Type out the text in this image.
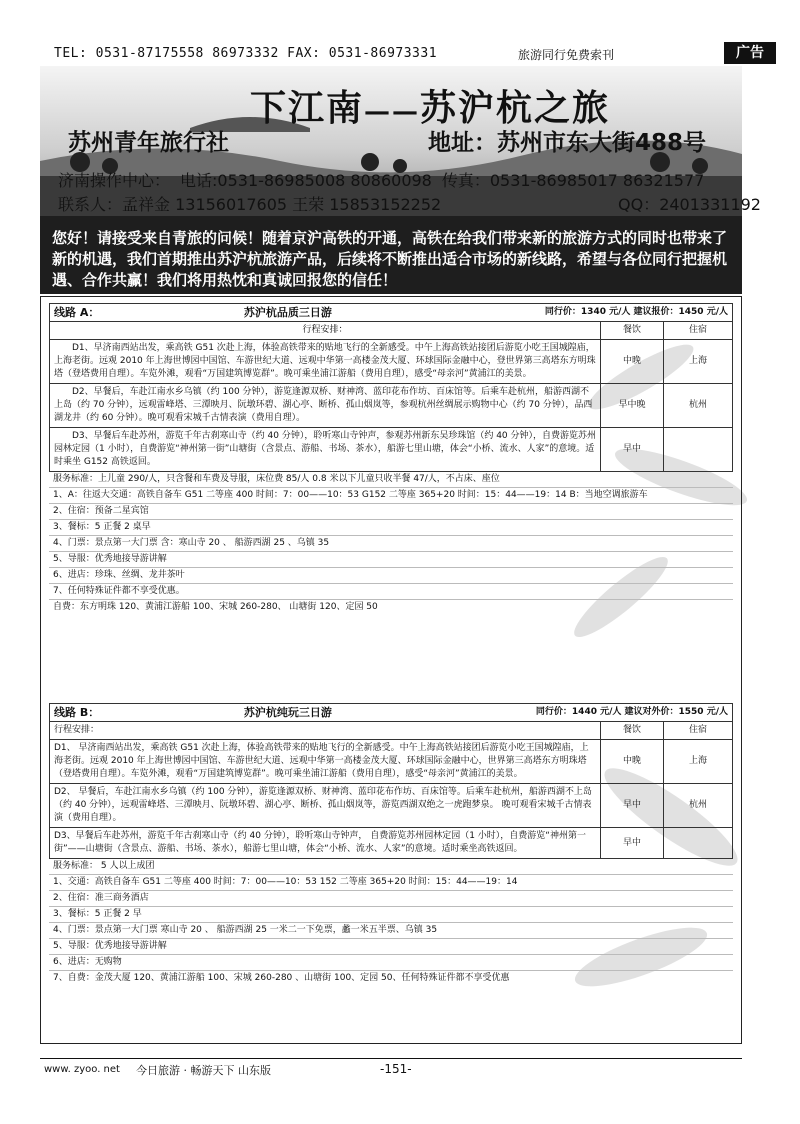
TEL: 0531-87175558 86973332 FAX: 0531-86973331	旅游同行免费索刊	广告
下江南——苏沪杭之旅
苏州青年旅行社	地址：苏州市东大街488号
济南操作中心： 电话:0531-86985008 80860098 传真：0531-86985017 86321577
联系人：孟祥金 13156017605 王荣 15853152252	QQ：2401331192
您好！请接受来自青旅的问候！随着京沪高铁的开通，高铁在给我们带来新的旅游方式的同时也带来了新的机遇，我们首期推出苏沪杭旅游产品，后续将不断推出适合市场的新线路，希望与各位同行把握机遇、合作共赢！我们将用热忱和真诚回报您的信任！
线路 A： 苏沪杭品质三日游 同行价：1340 元/人 建议报价：1450 元/人		

行程安排：	餐饮	住宿
D1、早济南西站出发，乘高铁 G51 次赴上海，体验高铁带来的贴地飞行的全新感受。中午上海高铁站接团后游览小吃王国城隍庙，上海老街。远观 2010 年上海世博园中国馆、车游世纪大道、远观中华第一高楼金茂大厦、环球国际金融中心，登世界第三高塔东方明珠塔（登塔费用自理）。车览外滩，观看“万国建筑博览群”。晚可乘坐浦江游船（费用自理），感受“母亲河”黄浦江的美景。	中晚	上海
D2、早餐后，车赴江南水乡乌镇（约 100 分钟），游览逢源双桥、财神湾、蓝印花布作坊、百床馆等。后乘车赴杭州，船游西湖不上岛（约 70 分钟），远观雷峰塔、三潭映月、阮墩环碧、湖心亭、断桥、孤山烟岚等，参观杭州丝绸展示购物中心（约 70 分钟），品西湖龙井（约 60 分钟）。晚可观看宋城千古情表演（费用自理）。	早中晚	杭州
D3、早餐后车赴苏州，游览千年古刹寒山寺（约 40 分钟），聆听寒山寺钟声，参观苏州新东吴珍珠馆（约 40 分钟），自费游览苏州园林定园（1 小时），自费游览“神州第一街”山塘街（含景点、游船、书场、茶水），船游七里山塘，体会“小桥、流水、人家”的意境。适时乘坐 G152 高铁返回。	早中	
服务标准：上儿童 290/人，只含餐和车费及导服，床位费 85/人 0.8 米以下儿童只收半餐 47/人，不占床、座位
1、A：往返大交通：高铁自备车 G51 二等座 400 时间：7：00——10：53 G152 二等座 365+20 时间：15：44——19：14 B：当地空调旅游车
2、住宿：预备二星宾馆
3、餐标：5 正餐 2 桌早
4、门票：景点第一大门票 含：寒山寺 20 、 船游西湖 25 、乌镇 35
5、导服：优秀地接导游讲解
6、进店：珍珠、丝绸、龙井茶叶
7、任何特殊证件都不享受优惠。
自费：东方明珠 120、黄浦江游船 100、宋城 260-280、 山塘街 120、定园 50
线路 B： 苏沪杭纯玩三日游 同行价：1440 元/人 建议对外价：1550 元/人		

行程安排：	餐饮	住宿
D1、 早济南西站出发，乘高铁 G51 次赴上海，体验高铁带来的贴地飞行的全新感受。中午上海高铁站接团后游览小吃王国城隍庙，上海老街。远观 2010 年上海世博园中国馆、车游世纪大道、远观中华第一高楼金茂大厦、环球国际金融中心，世界第三高塔东方明珠塔（登塔费用自理）。车览外滩，观看“万国建筑博览群”。晚可乘坐浦江游船（费用自理），感受“母亲河”黄浦江的美景。	中晚	上海
D2、 早餐后，车赴江南水乡乌镇（约 100 分钟），游览逢源双桥、财神湾、蓝印花布作坊、百床馆等。后乘车赴杭州，船游西湖不上岛（约 40 分钟），远观雷峰塔、三潭映月、阮墩环碧、湖心亭、断桥、孤山烟岚等，游览西湖双绝之一虎跑梦泉。 晚可观看宋城千古情表演（费用自理）。	早中	杭州
D3、早餐后车赴苏州，游览千年古刹寒山寺（约 40 分钟），聆听寒山寺钟声， 自费游览苏州园林定园（1 小时），自费游览“神州第一街”——山塘街（含景点、游船、书场、茶水），船游七里山塘，体会“小桥、流水、人家”的意境。适时乘坐高铁返回。	早中	
服务标准： 5 人以上成团
1、交通：高铁自备车 G51 二等座 400 时间：7：00——10：53 152 二等座 365+20 时间：15：44——19：14
2、住宿：准三商务酒店
3、餐标：5 正餐 2 早
4、门票：景点第一大门票 寒山寺 20 、 船游西湖 25 一米二一下免票，蠡一米五半票、乌镇 35
5、导服：优秀地接导游讲解
6、进店：无购物
7、自费：金茂大厦 120、黄浦江游船 100、宋城 260-280 、山塘街 100、定园 50、任何特殊证件都不享受优惠
www. zyoo. net 今日旅游 · 畅游天下 山东版	-151-
